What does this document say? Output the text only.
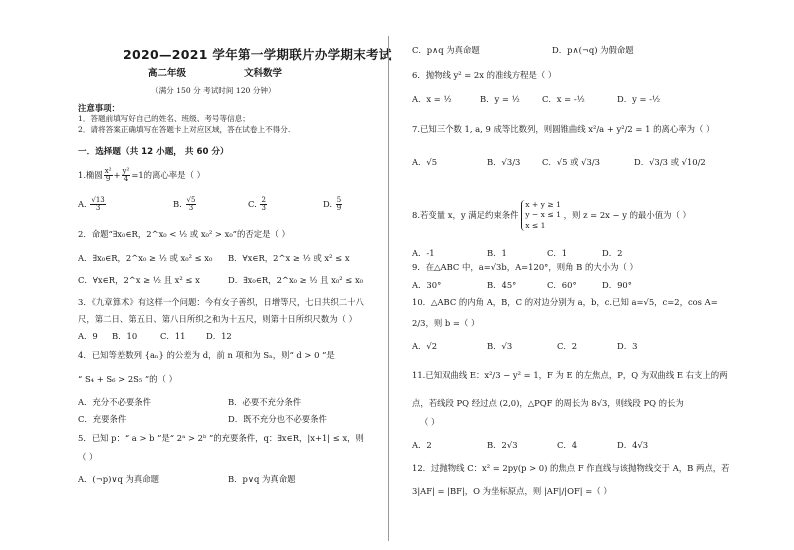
2020—2021 学年第一学期联片办学期末考试
高二年级	文科数学
（满分 150 分 考试时间 120 分钟）
注意事项：
1．答题前填写好自己的姓名、班级、考号等信息；
2．请将答案正确填写在答题卡上对应区域，答在试卷上不得分.
一．选择题（共 12 小题， 共 60 分）
1.椭圆 $\frac{\text{x²}}{9} + \frac{\text{y²}}{4} =1$的离心率是（ ）
A. $\frac{√13}{3}$	B. $\frac{√5}{3}$	C. $\frac{2}{3}$	D. $\frac{5}{9}$
2．命题“∃x₀∈R，2^x₀ < ½ 或 x₀² > x₀”的否定是（ ）
A．∃x₀∈R，2^x₀ ≥ ½ 或 x₀² ≤ x₀ B．∀x∈R，2^x ≥ ½ 或 x² ≤ x
C．∀x∈R，2^x ≥ ½ 且 x² ≤ x	D．∃x₀∈R，2^x₀ ≥ ½ 且 x₀² ≤ x₀
3．《九章算术》有这样一个问题：今有女子善织，日增等尺，七日共织二十八
尺，第二日、第五日、第八日所织之和为十五尺，则第十日所织尺数为（ ）
A．9 B．10	C．11 D．12
4．已知等差数列 {aₙ} 的公差为 d，前 n 项和为 Sₙ，则“ d > 0 ”是
“ S₄ + S₆ > 2S₅ ”的（ ）
A．充分不必要条件	B．必要不充分条件
C．充要条件	D．既不充分也不必要条件
5．已知 p：“ a > b ”是“ 2ᵃ > 2ᵇ ”的充要条件，q：∃x∈R，|x+1| ≤ x，则
（ ）
A．(¬p)∨q 为真命题	B．p∨q 为真命题
C．p∧q 为真命题	D．p∧(¬q) 为假命题
6．抛物线 y² = 2x 的准线方程是（ ）
A．x = ½	B．y = ½	C．x = -½	D．y = -½
7.已知三个数 1, a, 9 成等比数列，则圆锥曲线 x²/a + y²/2 = 1 的离心率为（ ）
A．√5	B．√3/3	C．√5 或 √3/3	D．√3/3 或 √10/2
8.若变量 x，y 满足约束条件
x + y ≥ 1
y − x ≤ 1
x ≤ 1
，则 z = 2x − y 的最小值为（ ）
A．-1	B．1	C．1	D．2
9．在△ABC 中，a=√3b，A=120°，则角 B 的大小为（ ）
A．30°	B．45°	C．60°	D．90°
10．△ABC 的内角 A，B，C 的对边分别为 a，b，c.已知 a=√5，c=2，cos A=
2/3，则 b =（ ）
A．√2	B．√3	C．2	D．3
11.已知双曲线 E：x²/3 − y² = 1，F 为 E 的左焦点，P，Q 为双曲线 E 右支上的两
点，若线段 PQ 经过点 (2,0)，△PQF 的周长为 8√3，则线段 PQ 的长为
（ ）
A．2	B．2√3	C．4	D．4√3
12．过抛物线 C：x² = 2py(p > 0) 的焦点 F 作直线与该抛物线交于 A，B 两点，若
3|AF| = |BF|，O 为坐标原点，则 |AF|/|OF| =（ ）
